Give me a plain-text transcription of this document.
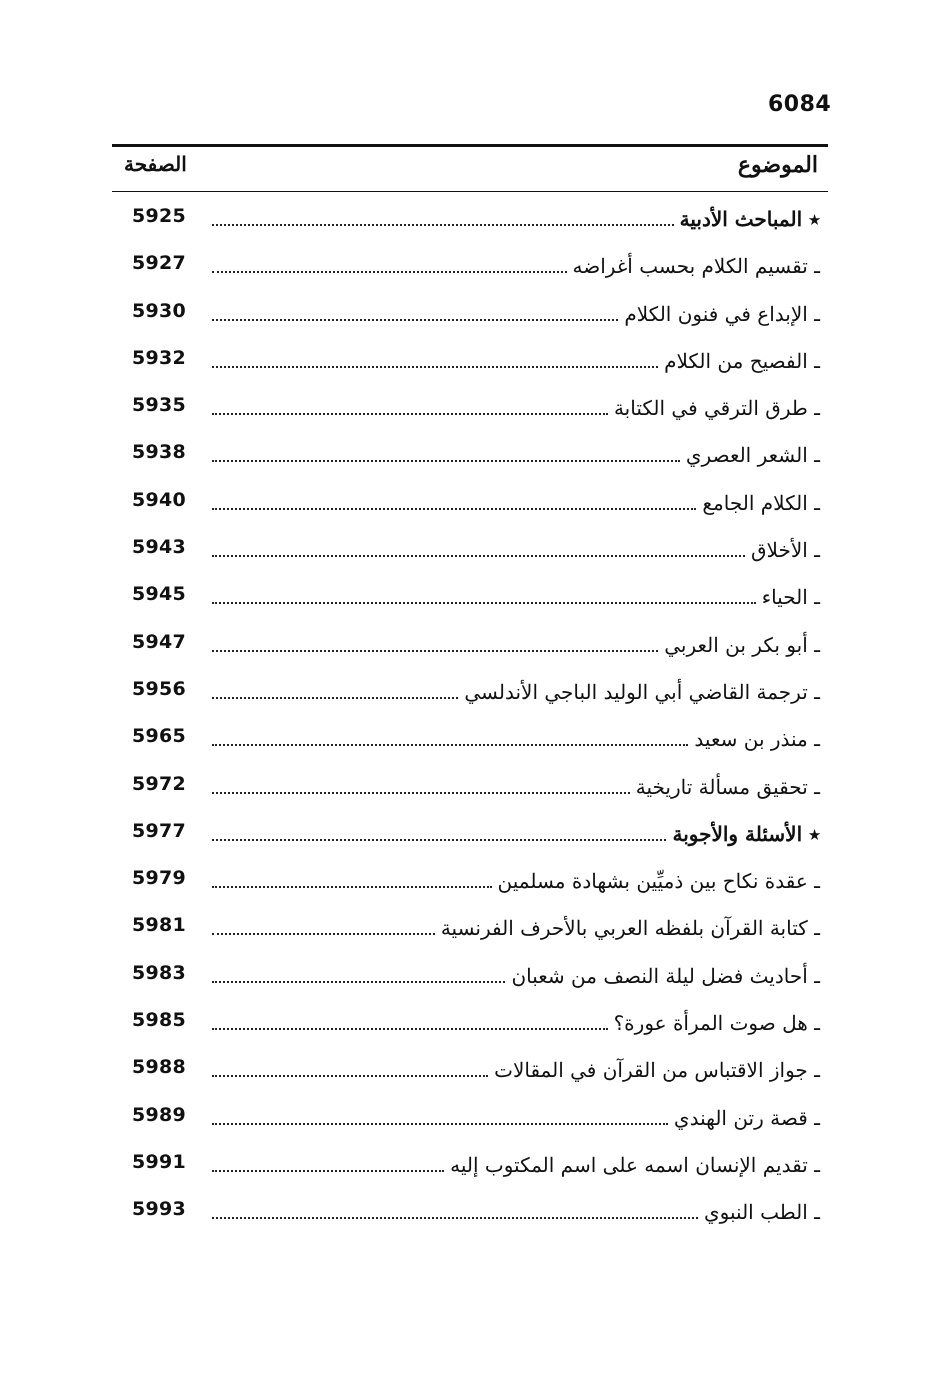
6084
الموضوع
الصفحة
٭ المباحث الأدبية
5925
ـ تقسيم الكلام بحسب أغراضه
5927
ـ الإبداع في فنون الكلام
5930
ـ الفصيح من الكلام
5932
ـ طرق الترقي في الكتابة
5935
ـ الشعر العصري
5938
ـ الكلام الجامع
5940
ـ الأخلاق
5943
ـ الحياء
5945
ـ أبو بكر بن العربي
5947
ـ ترجمة القاضي أبي الوليد الباجي الأندلسي
5956
ـ منذر بن سعيد
5965
ـ تحقيق مسألة تاريخية
5972
٭ الأسئلة والأجوبة
5977
ـ عقدة نكاح بين ذميِّين بشهادة مسلمين
5979
ـ كتابة القرآن بلفظه العربي بالأحرف الفرنسية
5981
ـ أحاديث فضل ليلة النصف من شعبان
5983
ـ هل صوت المرأة عورة؟
5985
ـ جواز الاقتباس من القرآن في المقالات
5988
ـ قصة رتن الهندي
5989
ـ تقديم الإنسان اسمه على اسم المكتوب إليه
5991
ـ الطب النبوي
5993
